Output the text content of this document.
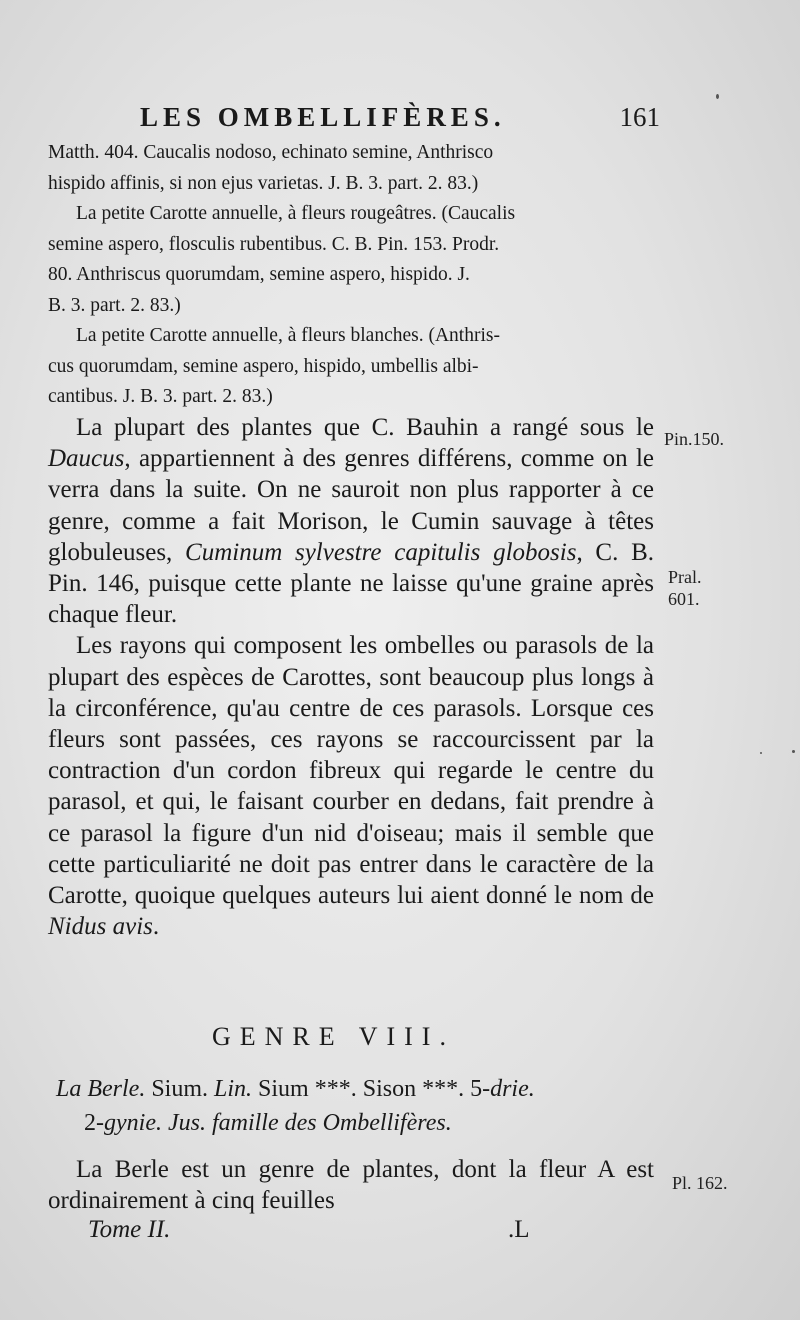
LES OMBELLIFÈRES.	161

Matth. 404. Caucalis nodoso, echinato semine, Anthrisco

hispido affinis, si non ejus varietas. J. B. 3. part. 2. 83.)

La petite Carotte annuelle, à fleurs rougeâtres. (Caucalis

semine aspero, flosculis rubentibus. C. B. Pin. 153. Prodr.

80. Anthriscus quorumdam, semine aspero, hispido. J.

B. 3. part. 2. 83.)

La petite Carotte annuelle, à fleurs blanches. (Anthris-

cus quorumdam, semine aspero, hispido, umbellis albi-

cantibus. J. B. 3. part. 2. 83.)

La plupart des plantes que C. Bauhin a rangé sous le Daucus, appartiennent à des genres différens, comme on le verra dans la suite. On ne sauroit non plus rapporter à ce genre, comme a fait Morison, le Cumin sauvage à têtes globuleuses, Cuminum sylvestre capitulis globosis, C. B. Pin. 146, puisque cette plante ne laisse qu'une graine après chaque fleur.

Les rayons qui composent les ombelles ou parasols de la plupart des espèces de Carottes, sont beaucoup plus longs à la circonférence, qu'au centre de ces parasols. Lorsque ces fleurs sont passées, ces rayons se raccourcissent par la contraction d'un cordon fibreux qui regarde le centre du parasol, et qui, le faisant courber en dedans, fait prendre à ce parasol la figure d'un nid d'oiseau; mais il semble que cette particuliarité ne doit pas entrer dans le caractère de la Carotte, quoique quelques auteurs lui aient donné le nom de Nidus avis.

Pin.150.
Pral.
601.
GENRE VIII.
La Berle. Sium. Lin. Sium ***. Sison ***. 5-drie.
2-gynie. Jus. famille des Ombellifères.

La Berle est un genre de plantes, dont la fleur A est ordinairement à cinq feuilles

Pl. 162.
Tome II.	.L
